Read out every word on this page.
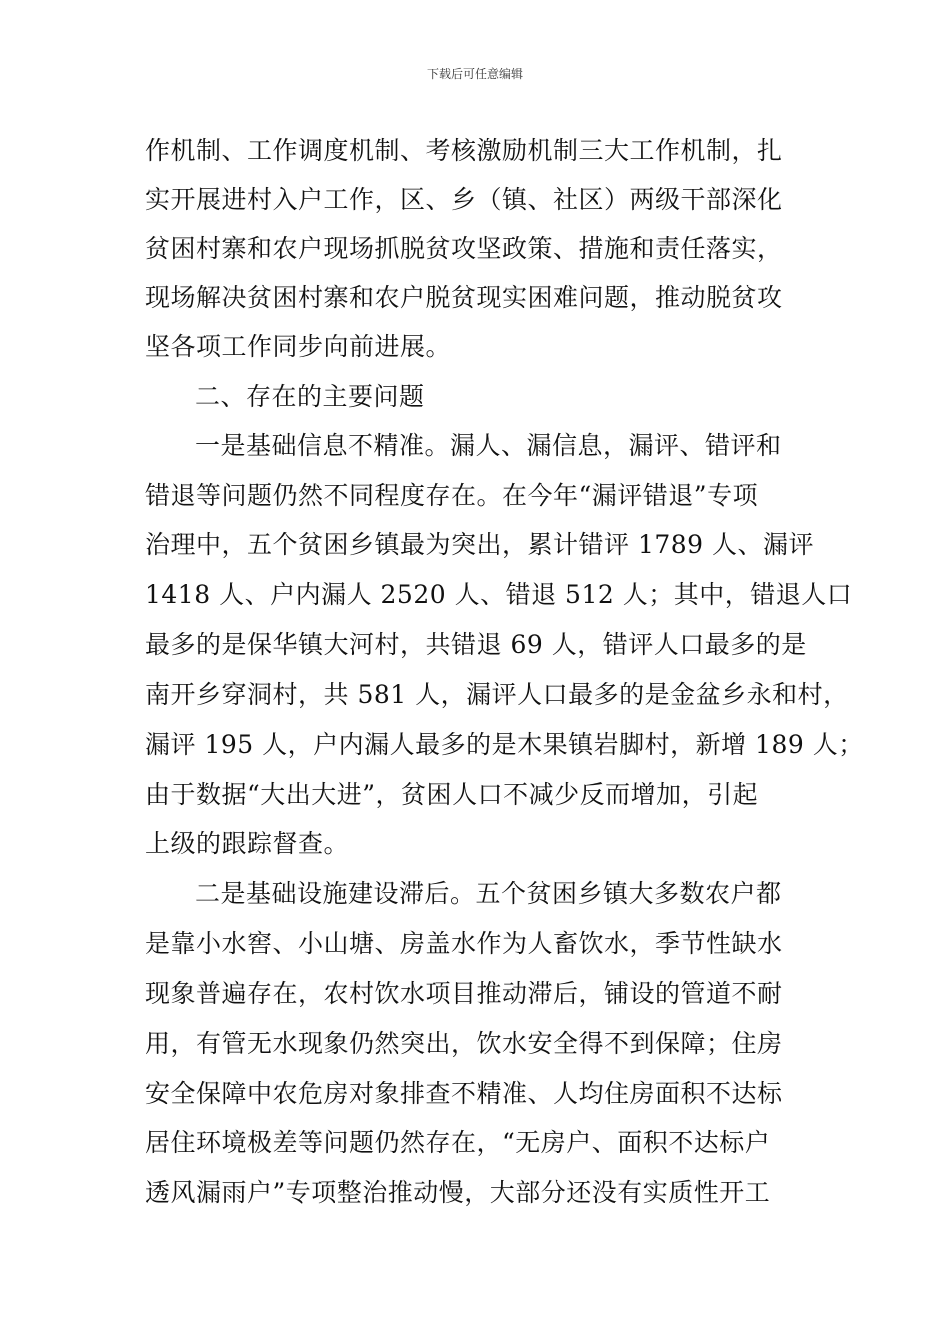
下载后可任意编辑
作机制、工作调度机制、考核激励机制三大工作机制，扎
实开展进村入户工作，区、乡（镇、社区）两级干部深化
贫困村寨和农户现场抓脱贫攻坚政策、措施和责任落实，
现场解决贫困村寨和农户脱贫现实困难问题，推动脱贫攻
坚各项工作同步向前进展。
二、存在的主要问题
一是基础信息不精准。漏人、漏信息，漏评、错评和
错退等问题仍然不同程度存在。在今年“漏评错退”专项
治理中，五个贫困乡镇最为突出，累计错评 1789 人、漏评
1418 人、户内漏人 2520 人、错退 512 人；其中，错退人口
最多的是保华镇大河村，共错退 69 人，错评人口最多的是
南开乡穿洞村，共 581 人，漏评人口最多的是金盆乡永和村，
漏评 195 人，户内漏人最多的是木果镇岩脚村，新增 189 人；
由于数据“大出大进”，贫困人口不减少反而增加，引起
上级的跟踪督查。
二是基础设施建设滞后。五个贫困乡镇大多数农户都
是靠小水窖、小山塘、房盖水作为人畜饮水，季节性缺水
现象普遍存在，农村饮水项目推动滞后，铺设的管道不耐
用，有管无水现象仍然突出，饮水安全得不到保障；住房
安全保障中农危房对象排查不精准、人均住房面积不达标
居住环境极差等问题仍然存在，“无房户、面积不达标户
透风漏雨户”专项整治推动慢，大部分还没有实质性开工
